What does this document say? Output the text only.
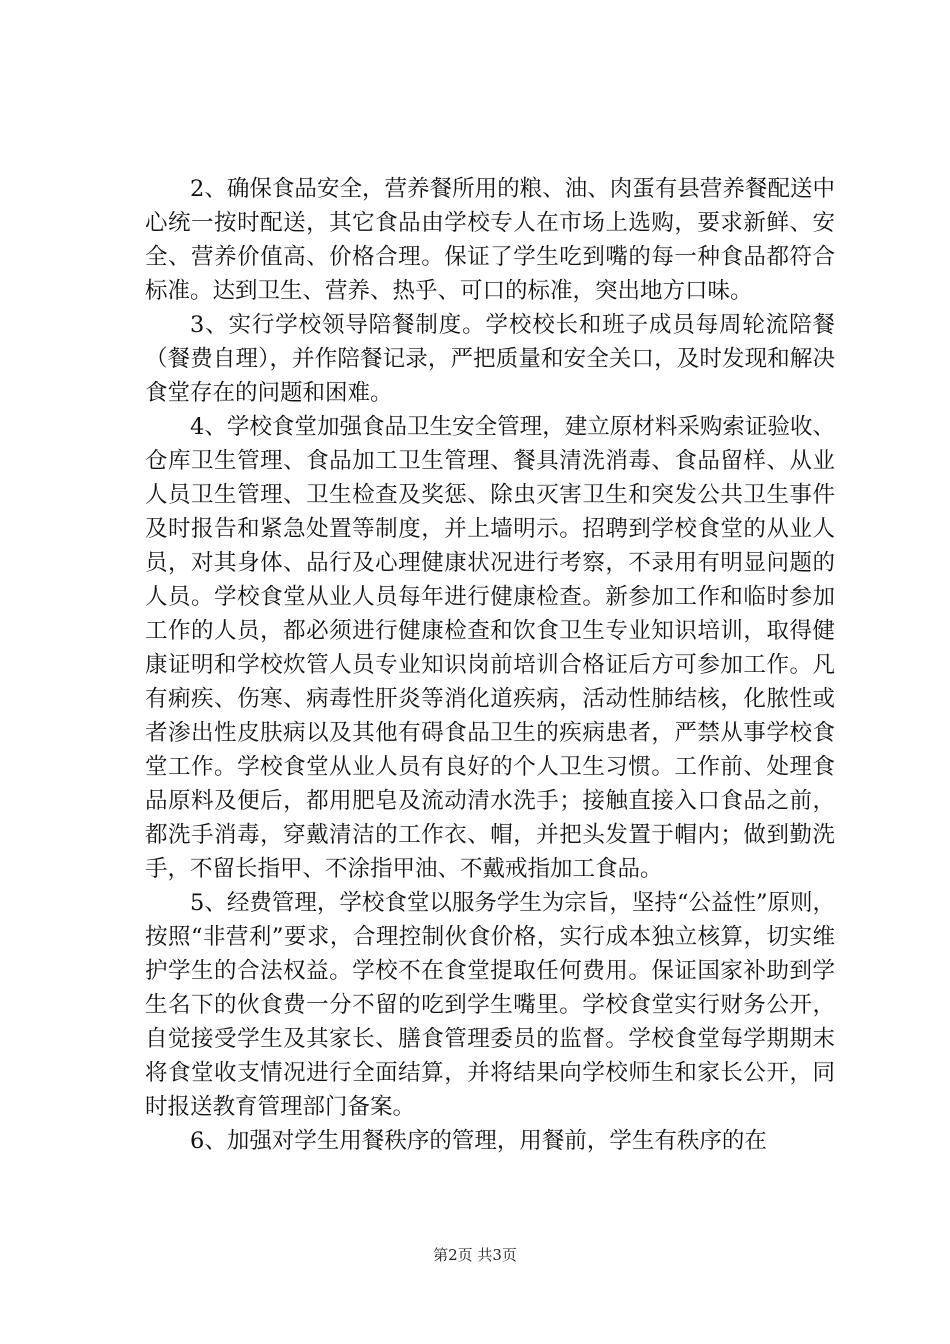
2、确保食品安全，营养餐所用的粮、油、肉蛋有县营养餐配送中心统一按时配送，其它食品由学校专人在市场上选购，要求新鲜、安全、营养价值高、价格合理。保证了学生吃到嘴的每一种食品都符合标准。达到卫生、营养、热乎、可口的标准，突出地方口味。

3、实行学校领导陪餐制度。学校校长和班子成员每周轮流陪餐（餐费自理），并作陪餐记录，严把质量和安全关口，及时发现和解决食堂存在的问题和困难。

4、学校食堂加强食品卫生安全管理，建立原材料采购索证验收、仓库卫生管理、食品加工卫生管理、餐具清洗消毒、食品留样、从业人员卫生管理、卫生检查及奖惩、除虫灭害卫生和突发公共卫生事件及时报告和紧急处置等制度，并上墙明示。招聘到学校食堂的从业人员，对其身体、品行及心理健康状况进行考察，不录用有明显问题的人员。学校食堂从业人员每年进行健康检查。新参加工作和临时参加工作的人员，都必须进行健康检查和饮食卫生专业知识培训，取得健康证明和学校炊管人员专业知识岗前培训合格证后方可参加工作。凡有痢疾、伤寒、病毒性肝炎等消化道疾病，活动性肺结核，化脓性或者渗出性皮肤病以及其他有碍食品卫生的疾病患者，严禁从事学校食堂工作。学校食堂从业人员有良好的个人卫生习惯。工作前、处理食品原料及便后，都用肥皂及流动清水洗手；接触直接入口食品之前，都洗手消毒，穿戴清洁的工作衣、帽，并把头发置于帽内；做到勤洗手，不留长指甲、不涂指甲油、不戴戒指加工食品。

5、经费管理，学校食堂以服务学生为宗旨，坚持“公益性”原则，按照“非营利”要求，合理控制伙食价格，实行成本独立核算，切实维护学生的合法权益。学校不在食堂提取任何费用。保证国家补助到学生名下的伙食费一分不留的吃到学生嘴里。学校食堂实行财务公开，自觉接受学生及其家长、膳食管理委员的监督。学校食堂每学期期末将食堂收支情况进行全面结算，并将结果向学校师生和家长公开，同时报送教育管理部门备案。

6、加强对学生用餐秩序的管理，用餐前，学生有秩序的在

第2页 共3页
